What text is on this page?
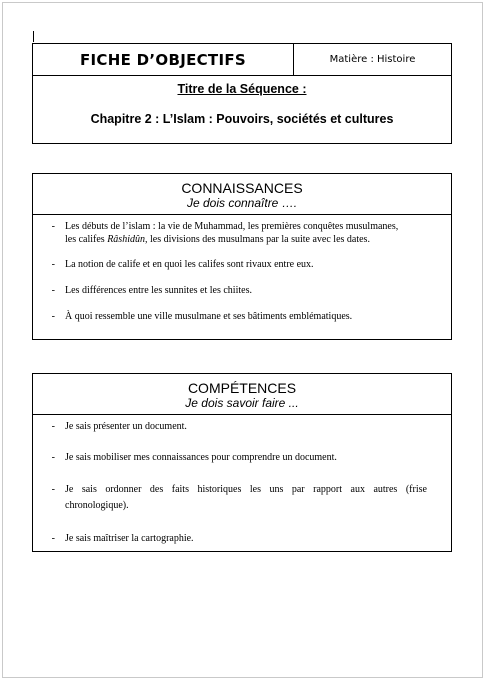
FICHE D’OBJECTIFS	Matière : Histoire
Titre de la Séquence :
Chapitre 2 : L’Islam : Pouvoirs, sociétés et cultures
CONNAISSANCES
Je dois connaître ….
-	Les débuts de l’islam : la vie de Muhammad, les premières conquêtes musulmanes,
les califes Râshidûn, les divisions des musulmans par la suite avec les dates.
-	La notion de calife et en quoi les califes sont rivaux entre eux.
-	Les différences entre les sunnites et les chiites.
-	À quoi ressemble une ville musulmane et ses bâtiments emblématiques.
COMPÉTENCES
Je dois savoir faire ...
-	Je sais présenter un document.
-	Je sais mobiliser mes connaissances pour comprendre un document.
-	Je sais ordonner des faits historiques les uns par rapport aux autres (frise
chronologique).
-	Je sais maîtriser la cartographie.
